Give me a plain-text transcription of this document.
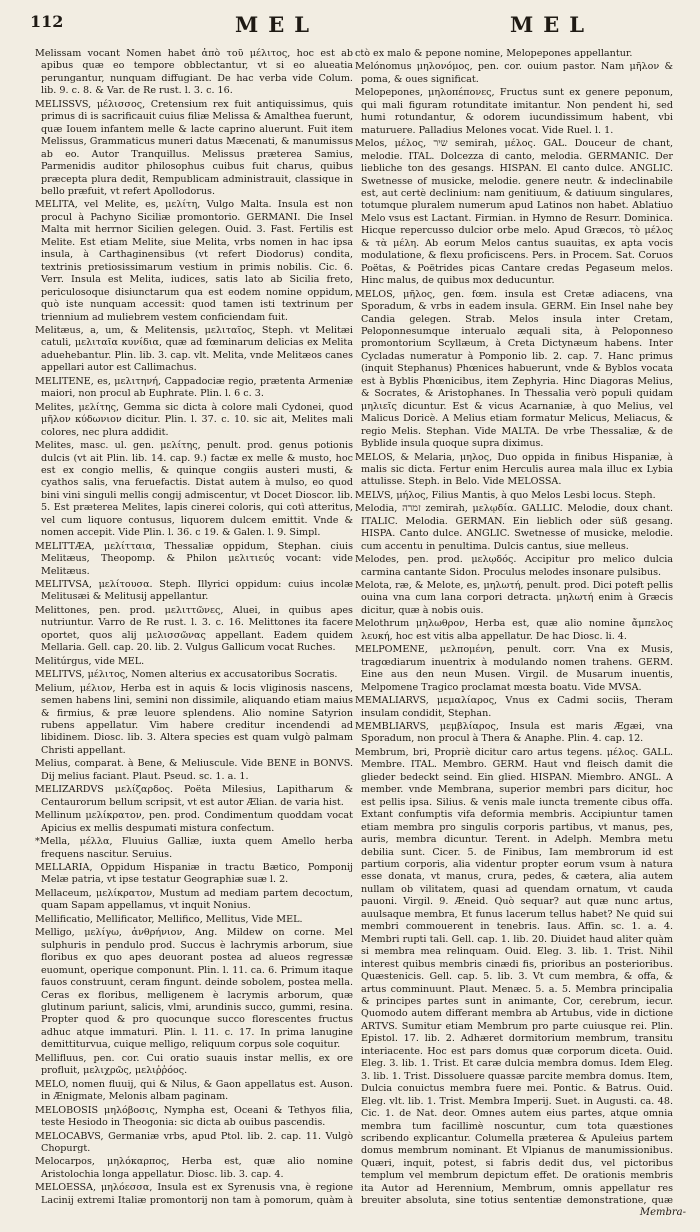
112	MEL	MEL

Melissam vocant Nomen habet ἀπὸ τοῦ μέλιτος, hoc est ab apibus quæ eo tempore obblectantur, vt si eo alueatia perungantur, nunquam diffugiant. De hac verba vide Colum. lib. 9. c. 8. & Var. de Re rust. l. 3. c. 16.

MELISSVS, μέλισσος, Cretensium rex fuit antiquissimus, quis primus di is sacrificauit cuius filiæ Melissa & Amalthea fuerunt, quæ Iouem infantem melle & lacte caprino aluerunt. Fuit item Melissus, Grammaticus muneri datus Mæcenati, & manumissus ab eo. Autor Tranquillus. Melissus præterea Samius, Parmenidis auditor philosophus cuibus fuit charus, quibus præcepta plura dedit, Rempublicam administrauit, classique in bello præfuit, vt refert Apollodorus.

MELITA, vel Melite, es, μελίτη, Vulgo Malta. Insula est non procul à Pachyno Siciliæ promontorio. GERMANI. Die Insel Malta mit herrnor Sicilien gelegen. Ouid. 3. Fast. Fertilis est Melite. Est etiam Melite, siue Melita, vrbs nomen in hac ipsa insula, à Carthaginensibus (vt refert Diodorus) condita, textrinis pretiosissimarum vestium in primis nobilis. Cic. 6. Verr. Insula est Melita, iudices, satis lato ab Sicilia freto, periculosoque disiunctarum qua est eodem nomine oppidum, quò iste nunquam accessit: quod tamen isti textrinum per triennium ad muliebrem vestem conficiendam fuit.

Melitæus, a, um, & Melitensis, μελιταῖος, Steph. vt Melitæi catuli, μελιταῖα κυνίδια, quæ ad fœminarum delicias ex Melita aduehebantur. Plin. lib. 3. cap. vlt. Melita, vnde Melitæos canes appellari autor est Callimachus.

MELITENE, es, μελιτηνή, Cappadociæ regio, prætenta Armeniæ maiori, non procul ab Euphrate. Plin. l. 6 c. 3.

Melites, μελίτης, Gemma sic dicta à colore mali Cydonei, quod μῆλον κύδωνιον dicitur. Plin. l. 37. c. 10. sic ait, Melites mali colores, nec plura addidit.

Melites, masc. ul. gen. μελίτης, penult. prod. genus potionis dulcis (vt ait Plin. lib. 14. cap. 9.) factæ ex melle & musto, hoc est ex congio mellis, & quinque congiis austeri musti, & cyathos salis, vna feruefactis. Distat autem à mulso, eo quod bini vini singuli mellis congij admiscentur, vt Docet Dioscor. lib. 5. Est præterea Melites, lapis cinerei coloris, qui cotì atteritus, vel cum liquore contusus, liquorem dulcem emittit. Vnde & nomen accepit. Vide Plin. l. 36. c 19. & Galen. l. 9. Simpl.

MELITTÆA, μελίτταια, Thessaliæ oppidum, Stephan. ciuis Melitæus, Theopomp. & Philon μελιτιεύς vocant: vide Melitæus.

MELITVSA, μελίτουσα. Steph. Illyrici oppidum: cuius incolæ Melitusæi & Melitusij appellantur.

Melittones, pen. prod. μελιττῶνες, Aluei, in quibus apes nutriuntur. Varro de Re rust. l. 3. c. 16. Melittones ita facere oportet, quos alij μελισσῶνας appellant. Eadem quidem Mellaria. Gell. cap. 20. lib. 2. Vulgus Gallicum vocat Ruches.

Melitúrgus, vide MEL.

MELITVS, μέλιτος, Nomen alterius ex accusatoribus Socratis.

Melium, μέλιον, Herba est in aquis & locis vliginosis nascens, semen habens lini, semini non dissimile, aliquando etiam maius & firmius, & præ leuore splendens. Alio nomine Satyrion rubens appellatur. Vim habere creditur incendendi ad libidinem. Diosc. lib. 3. Altera species est quam vulgò palmam Christi appellant.

Melius, comparat. à Bene, & Meliuscule. Vide BENE in BONVS. Dij melius faciant. Plaut. Pseud. sc. 1. a. 1.

MELIZARDVS μελίζαρδος. Poëta Milesius, Lapitharum & Centaurorum bellum scripsit, vt est autor Ælian. de varia hist.

Mellinum μελίκρατον, pen. prod. Condimentum quoddam vocat Apicius ex mellis despumati mistura confectum.

*Mella, μέλλα, Fluuius Galliæ, iuxta quem Amello herba frequens nascitur. Seruius.

MELLARIA, Oppidum Hispaniæ in tractu Bætico, Pomponij Melæ patria, vt ipse testatur Geographiæ suæ l. 2.

Mellaceum, μελίκρατον, Mustum ad mediam partem decoctum, quam Sapam appellamus, vt inquit Nonius.

Mellificatio, Mellificator, Mellifico, Mellitus, Vide MEL.

Melligo, μελίγω, ἀνθρήνιον, Ang. Mildew on corne. Mel sulphuris in pendulo prod. Succus è lachrymis arborum, siue floribus ex quo apes deuorant postea ad alueos regressæ euomunt, operique componunt. Plin. l. 11. ca. 6. Primum itaque fauos construunt, ceram fingunt. deinde sobolem, postea mella. Ceras ex floribus, melligenem è lacrymis arborum, quæ glutinum pariunt, salicis, vlmi, arundinis succo, gummi, resina. Propter quod & pro quocunque succo florescentes fructus adhuc atque immaturi. Plin. l. 11. c. 17. In prima lanugine demittiturvua, cuique melligo, reliquum corpus sole coquitur.

Mellifluus, pen. cor. Cui oratio suauis instar mellis, ex ore profluit, μελιχρῶς, μελιῤῥόος.

MELO, nomen fluuij, qui & Nilus, & Gaon appellatus est. Auson. in Ænigmate, Melonis albam paginam.

MELOBOSIS μηλόβοσις, Nympha est, Oceani & Tethyos filia, teste Hesiodo in Theogonia: sic dicta ab ouibus pascendis.

MELOCABVS, Germaniæ vrbs, apud Ptol. lib. 2. cap. 11. Vulgò Chopurgt.

Melocarpos, μηλόκαρπος, Herba est, quæ alio nomine Aristolochia longa appellatur. Diosc. lib. 3. cap. 4.

MELOESSA, μηλόεσσα, Insula est ex Syrenusis vna, è regione Lacinij extremi Italiæ promontorij non tam à pomorum, quàm à

ctò ex malo & pepone nomine, Melopepones appellantur.

Melónomus μηλονόμος, pen. cor. ouium pastor. Nam μῆλον & poma, & oues significat.

Melopepones, μηλοπέπονες, Fructus sunt ex genere peponum, qui mali figuram rotunditate imitantur. Non pendent hi, sed humi rotundantur, & odorem iucundissimum habent, vbi maturuere. Palladius Melones vocat. Vide Ruel. l. 1.

Melos, μέλος, שיר semirah, μέλος. GAL. Douceur de chant, melodie. ITAL. Dolcezza di canto, melodia. GERMANIC. Der liebliche ton des gesangs. HISPAN. El canto dulce. ANGLIC. Swetnesse of musicke, melodie. genere neutr. & indeclinabile est, aut certè declinium: nam genitiuum, & datiuum singulares, totumque pluralem numerum apud Latinos non habet. Ablatiuo Melo vsus est Lactant. Firmian. in Hymno de Resurr. Dominica. Hicque repercusso dulcior orbe melo. Apud Græcos, τὸ μέλος & τὰ μέλη. Ab eorum Melos cantus suauitas, ex apta vocis modulatione, & flexu proficiscens. Pers. in Procem. Sat. Coruos Poëtas, & Poëtrides picas Cantare credas Pegaseum melos. Hinc malus, de quibus mox deducuntur.

MELOS, μῆλος, gen. fœm. insula est Cretæ adiacens, vna Sporadum, & vrbs in eadem insula. GERM. Ein Insel nahe bey Candia gelegen. Strab. Melos insula inter Cretam, Peloponnesumque interualo æquali sita, à Peloponneso promontorium Scyllæum, à Creta Dictynæum habens. Inter Cycladas numeratur à Pomponio lib. 2. cap. 7. Hanc primus (inquit Stephanus) Phœnices habuerunt, vnde & Byblos vocata est à Byblis Phœnicibus, item Zephyria. Hinc Diagoras Melius, & Socrates, & Aristophanes. In Thessalia verò populi quidam μηλιεῖς dicuntur. Est & vicus Acarnaniæ, à quo Melius, vel Malicus Doricè. A Melius etiam formatur Melicus, Meliacus, & regio Melis. Stephan. Vide MALTA. De vrbe Thessaliæ, & de Byblide insula quoque supra diximus.

MELOS, & Melaria, μηλος, Duo oppida in finibus Hispaniæ, à malis sic dicta. Fertur enim Herculis aurea mala illuc ex Lybia attulisse. Steph. in Belo. Vide MELOSSA.

MELVS, μήλος, Filius Mantis, à quo Melos Lesbi locus. Steph.

Melodia, זמרה zemirah, μελῳδία. GALLIC. Melodie, doux chant. ITALIC. Melodia. GERMAN. Ein lieblich oder süß gesang. HISPA. Canto dulce. ANGLIC. Swetnesse of musicke, melodie. cum accentu in penultima. Dulcis cantus, siue melleus.

Melodes, pen. prod. μελῳδός. Accipitur pro melico dulcia carmina cantante Sidon. Proculus melodes insonare pulsibus.

Melota, ræ, & Melote, es, μηλωτή, penult. prod. Dici poteft pellis ouina vna cum lana corpori detracta. μηλωτή enim à Græcis dicitur, quæ à nobis ouis.

Melothrum μηλωθρον, Herba est, quæ alio nomine ἄμπελος λευκή, hoc est vitis alba appellatur. De hac Diosc. li. 4.

MELPOMENE, μελπομένη, penult. corr. Vna ex Musis, tragœdiarum inuentrix à modulando nomen trahens. GERM. Eine aus den neun Musen. Virgil. de Musarum inuentis, Melpomene Tragico proclamat mœsta boatu. Vide MVSA.

MEMALIARVS, μεμαλίαρος, Vnus ex Cadmi sociis, Theram insulam condidit, Stephan.

MEMBLIARVS, μεμβλίαρος, Insula est maris Ægæi, vna Sporadum, non procul à Thera & Anaphe. Plin. 4. cap. 12.

Membrum, bri, Propriè dicitur caro artus tegens. μέλος. GALL. Membre. ITAL. Membro. GERM. Haut vnd fleisch damit die glieder bedeckt seind. Ein glied. HISPAN. Miembro. ANGL. A member. vnde Membrana, superior membri pars dicitur, hoc est pellis ipsa. Silius. & venis male iuncta tremente cibus offa. Extant confumptis vifa deformia membris. Accipiuntur tamen etiam membra pro singulis corporis partibus, vt manus, pes, auris, membra dicuntur. Terent. in Adelph. Membra metu debilia sunt. Cicer. 5. de Finibus, Iam membrorum id est partium corporis, alia videntur propter eorum vsum à natura esse donata, vt manus, crura, pedes, & cætera, alia autem nullam ob vilitatem, quasi ad quendam ornatum, vt cauda pauoni. Virgil. 9. Æneid. Quò sequar? aut quæ nunc artus, auulsaque membra, Et funus lacerum tellus habet? Ne quid sui membri commouerent in tenebris. Iaus. Affin. sc. 1. a. 4. Membri rupti tali. Gell. cap. 1. lib. 20. Diuidet haud aliter quàm si membra mea relinquam. Ouid. Eleg. 3. lib. 1. Trist. Nihil interest quibus membris cinædi fis, prioribus an posterioribus. Quæstenicis. Gell. cap. 5. lib. 3. Vt cum membra, & offa, & artus comminuunt. Plaut. Menæc. 5. a. 5. Membra principalia & principes partes sunt in animante, Cor, cerebrum, iecur. Quomodo autem differant membra ab Artubus, vide in dictione ARTVS. Sumitur etiam Membrum pro parte cuiusque rei. Plin. Epistol. 17. lib. 2. Adhæret dormitorium membrum, transitu interiacente. Hoc est pars domus quæ corporum diceta. Ouid. Eleg. 3. lib. 1. Trist. Et caræ dulcia membra domus. Idem Eleg. 3. lib. 1. Trist. Dissoluere quassæ parcite membra domus. Item, Dulcia conuictus membra fuere mei. Pontic. & Batrus. Ouid. Eleg. vlt. lib. 1. Trist. Membra Imperij. Suet. in Augusti. ca. 48. Cic. 1. de Nat. deor. Omnes autem eius partes, atque omnia membra tum facillimè noscuntur, cum tota quæstiones scribendo explicantur. Columella præterea & Apuleius partem domus membrum nominant. Et Vlpianus de manumissionibus. Quæri, inquit, potest, si fabris dedit dus, vel pictoribus templum vel membrum depictum effet. De orationis membris ita Autor ad Herennium, Membrum, omnis appellatur res breuiter absoluta, sine totius sententiæ demonstratione, quæ

Membra-
